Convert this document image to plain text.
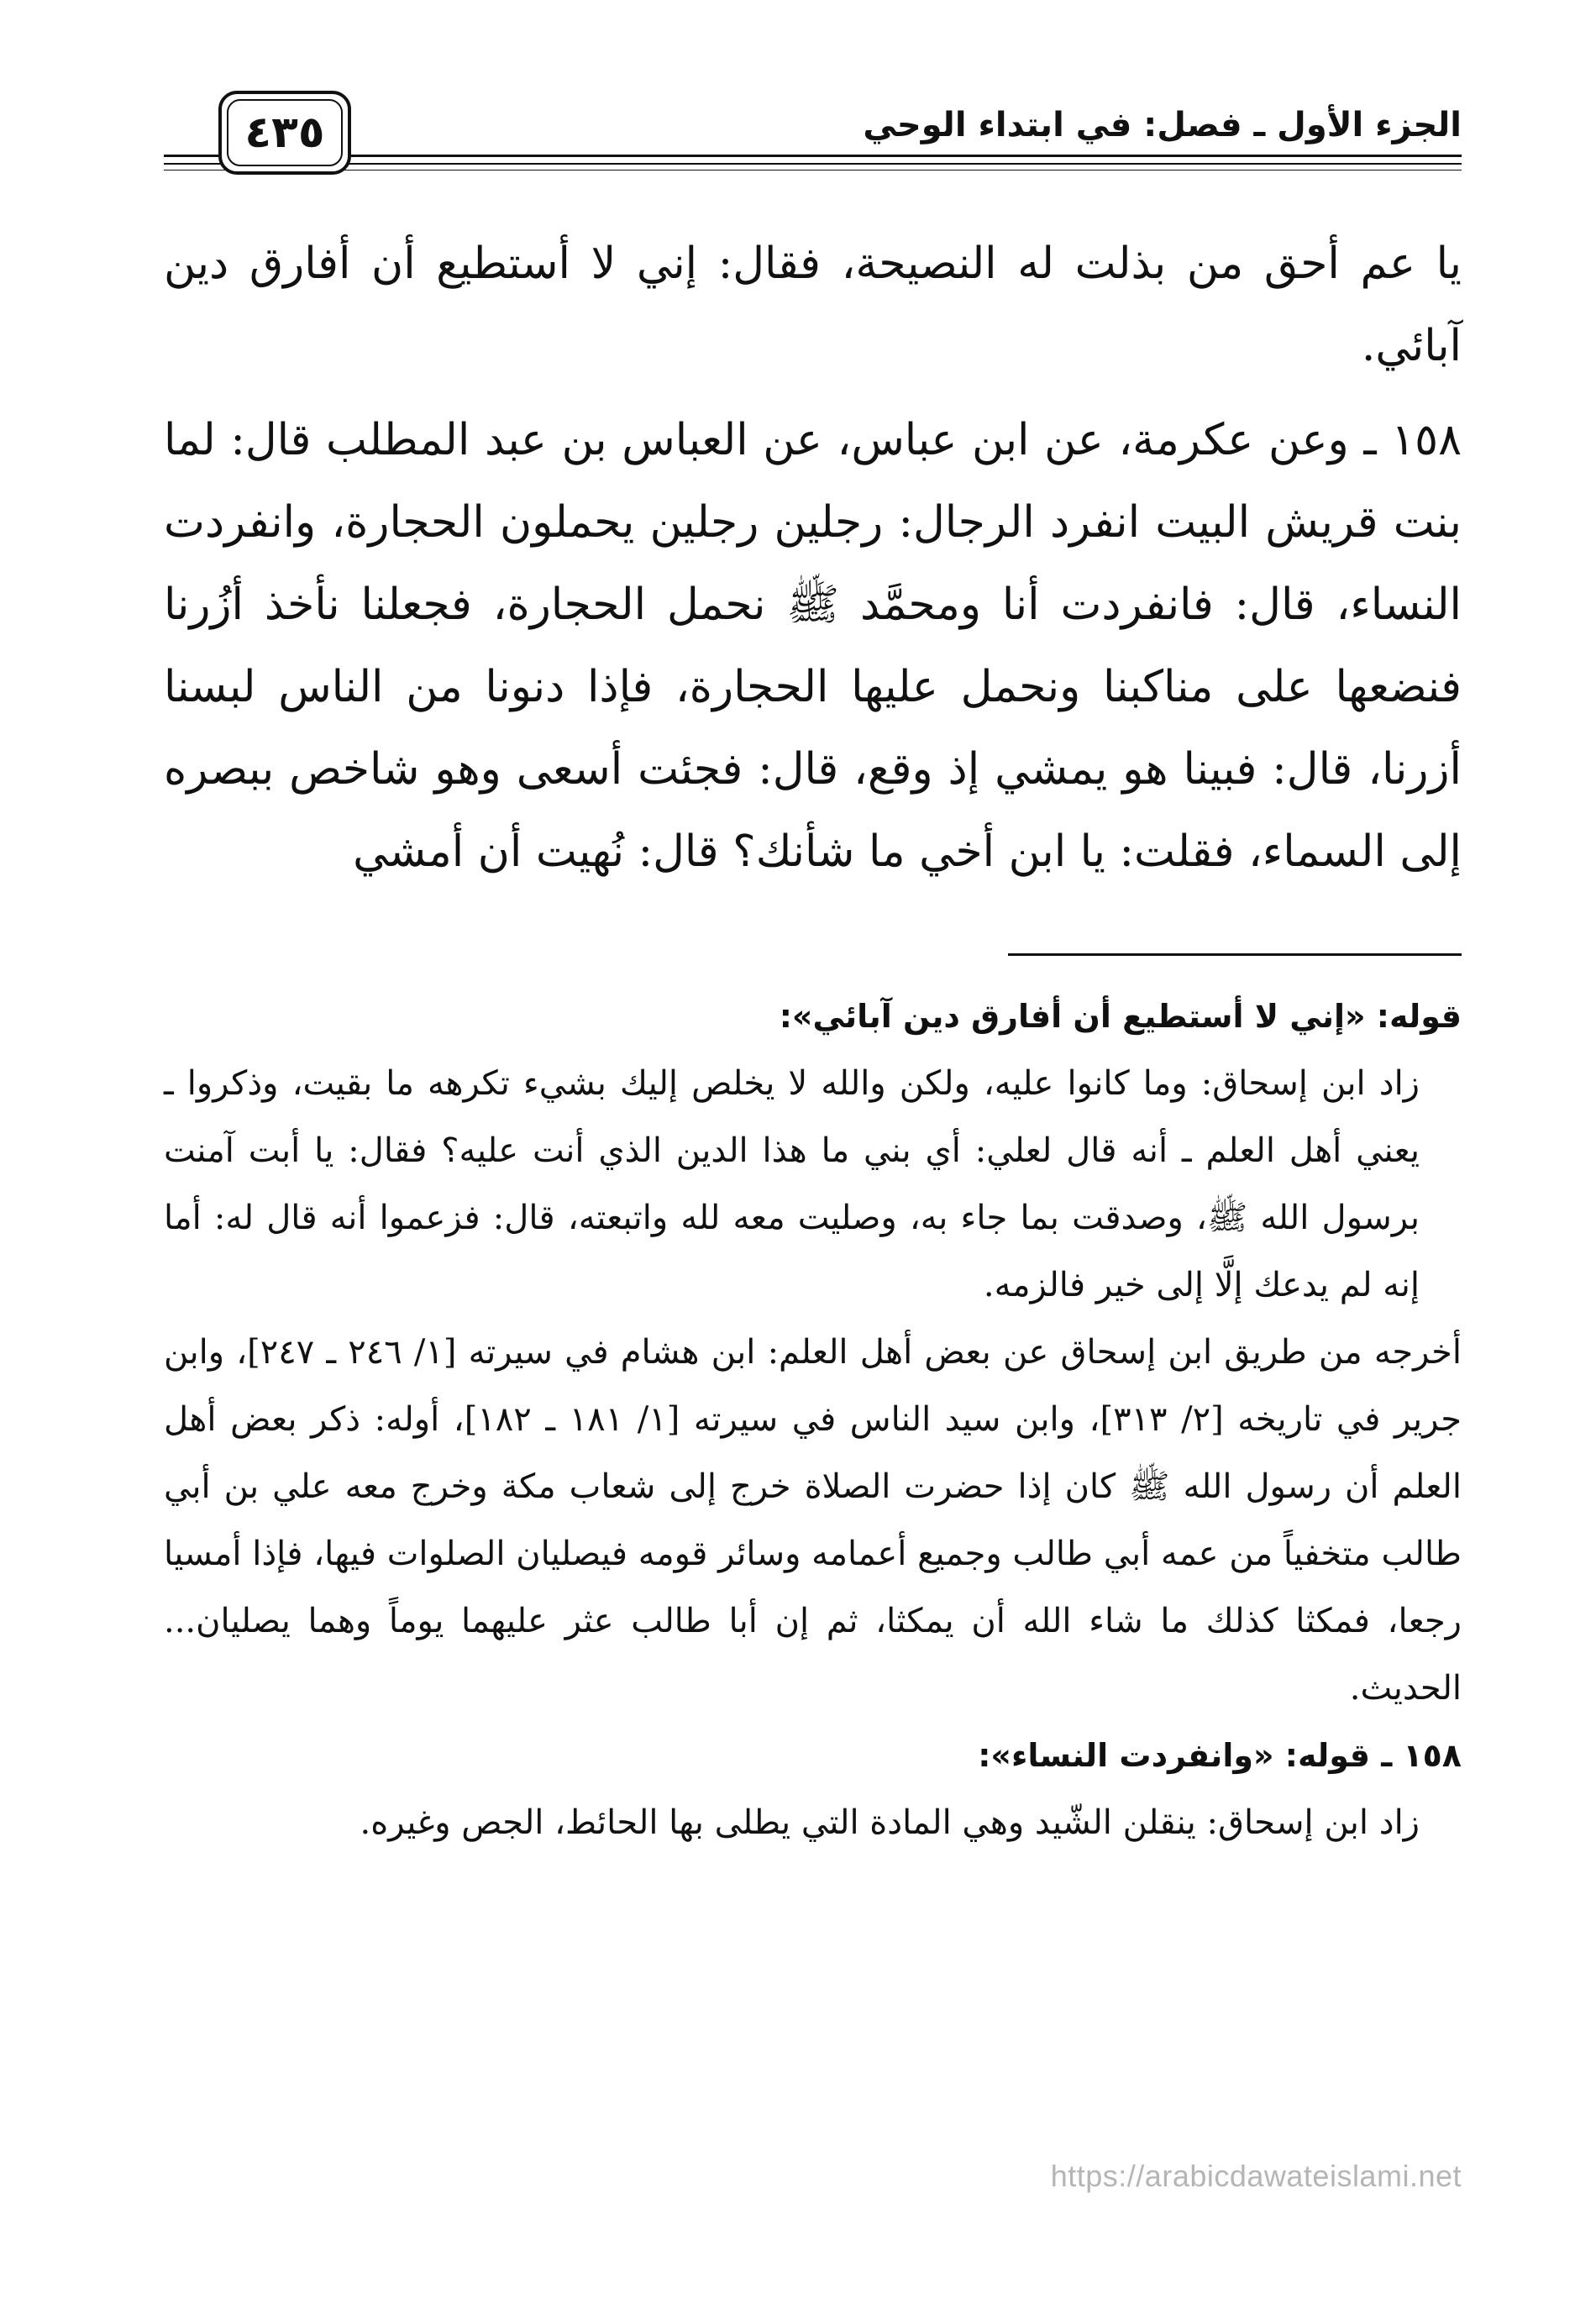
الجزء الأول ـ فصل: في ابتداء الوحي
٤٣٥

يا عم أحق من بذلت له النصيحة، فقال: إني لا أستطيع أن أفارق دين آبائي.

١٥٨ ـ وعن عكرمة، عن ابن عباس، عن العباس بن عبد المطلب قال: لما بنت قريش البيت انفرد الرجال: رجلين رجلين يحملون الحجارة، وانفردت النساء، قال: فانفردت أنا ومحمَّد ﷺ نحمل الحجارة، فجعلنا نأخذ أزُرنا فنضعها على مناكبنا ونحمل عليها الحجارة، فإذا دنونا من الناس لبسنا أزرنا، قال: فبينا هو يمشي إذ وقع، قال: فجئت أسعى وهو شاخص ببصره إلى السماء، فقلت: يا ابن أخي ما شأنك؟ قال: نُهيت أن أمشي

قوله: «إني لا أستطيع أن أفارق دين آبائي»:

زاد ابن إسحاق: وما كانوا عليه، ولكن والله لا يخلص إليك بشيء تكرهه ما بقيت، وذكروا ـ يعني أهل العلم ـ أنه قال لعلي: أي بني ما هذا الدين الذي أنت عليه؟ فقال: يا أبت آمنت برسول الله ﷺ، وصدقت بما جاء به، وصليت معه لله واتبعته، قال: فزعموا أنه قال له: أما إنه لم يدعك إلَّا إلى خير فالزمه.

أخرجه من طريق ابن إسحاق عن بعض أهل العلم: ابن هشام في سيرته [١/ ٢٤٦ ـ ٢٤٧]، وابن جرير في تاريخه [٢/ ٣١٣]، وابن سيد الناس في سيرته [١/ ١٨١ ـ ١٨٢]، أوله: ذكر بعض أهل العلم أن رسول الله ﷺ كان إذا حضرت الصلاة خرج إلى شعاب مكة وخرج معه علي بن أبي طالب متخفياً من عمه أبي طالب وجميع أعمامه وسائر قومه فيصليان الصلوات فيها، فإذا أمسيا رجعا، فمكثا كذلك ما شاء الله أن يمكثا، ثم إن أبا طالب عثر عليهما يوماً وهما يصليان... الحديث.

١٥٨ ـ قوله: «وانفردت النساء»:

زاد ابن إسحاق: ينقلن الشّيد وهي المادة التي يطلى بها الحائط، الجص وغيره.

https://arabicdawateislami.net
